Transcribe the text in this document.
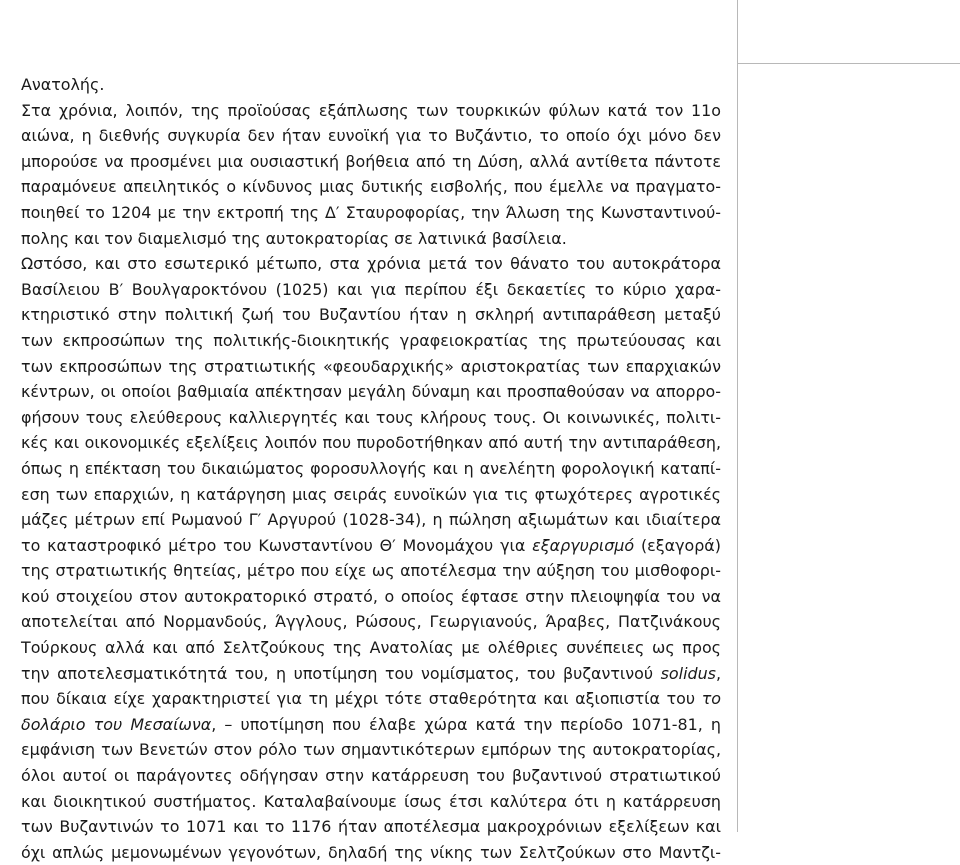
Ανατολής.
Στα χρόνια, λοιπόν, της προϊούσας εξάπλωσης των τουρκικών φύλων κατά τον 11ο
αιώνα, η διεθνής συγκυρία δεν ήταν ευνοϊκή για το Βυζάντιο, το οποίο όχι μόνο δεν
μπορούσε να προσμένει μια ουσιαστική βοήθεια από τη Δύση, αλλά αντίθετα πάντοτε
παραμόνευε απειλητικός ο κίνδυνος μιας δυτικής εισβολής, που έμελλε να πραγματο-
ποιηθεί το 1204 με την εκτροπή της Δ′ Σταυροφορίας, την Άλωση της Κωνσταντινού-
πολης και τον διαμελισμό της αυτοκρατορίας σε λατινικά βασίλεια.
Ωστόσο, και στο εσωτερικό μέτωπο, στα χρόνια μετά τον θάνατο του αυτοκράτορα
Βασίλειου Β′ Βουλγαροκτόνου (1025) και για περίπου έξι δεκαετίες το κύριο χαρα-
κτηριστικό στην πολιτική ζωή του Βυζαντίου ήταν η σκληρή αντιπαράθεση μεταξύ
των εκπροσώπων της πολιτικής-διοικητικής γραφειοκρατίας της πρωτεύουσας και
των εκπροσώπων της στρατιωτικής «φεουδαρχικής» αριστοκρατίας των επαρχιακών
κέντρων, οι οποίοι βαθμιαία απέκτησαν μεγάλη δύναμη και προσπαθούσαν να απορρο-
φήσουν τους ελεύθερους καλλιεργητές και τους κλήρους τους. Οι κοινωνικές, πολιτι-
κές και οικονομικές εξελίξεις λοιπόν που πυροδοτήθηκαν από αυτή την αντιπαράθεση,
όπως η επέκταση του δικαιώματος φοροσυλλογής και η ανελέητη φορολογική καταπί-
εση των επαρχιών, η κατάργηση μιας σειράς ευνοϊκών για τις φτωχότερες αγροτικές
μάζες μέτρων επί Ρωμανού Γ′ Αργυρού (1028-34), η πώληση αξιωμάτων και ιδιαίτερα
το καταστροφικό μέτρο του Κωνσταντίνου Θ′ Μονομάχου για εξαργυρισμό (εξαγορά)
της στρατιωτικής θητείας, μέτρο που είχε ως αποτέλεσμα την αύξηση του μισθοφορι-
κού στοιχείου στον αυτοκρατορικό στρατό, ο οποίος έφτασε στην πλειοψηφία του να
αποτελείται από Νορμανδούς, Άγγλους, Ρώσους, Γεωργιανούς, Άραβες, Πατζινάκους
Τούρκους αλλά και από Σελτζούκους της Ανατολίας με ολέθριες συνέπειες ως προς
την αποτελεσματικότητά του, η υποτίμηση του νομίσματος, του βυζαντινού solidus,
που δίκαια είχε χαρακτηριστεί για τη μέχρι τότε σταθερότητα και αξιοπιστία του το
δολάριο του Μεσαίωνα, – υποτίμηση που έλαβε χώρα κατά την περίοδο 1071-81, η
εμφάνιση των Βενετών στον ρόλο των σημαντικότερων εμπόρων της αυτοκρατορίας,
όλοι αυτοί οι παράγοντες οδήγησαν στην κατάρρευση του βυζαντινού στρατιωτικού
και διοικητικού συστήματος. Καταλαβαίνουμε ίσως έτσι καλύτερα ότι η κατάρρευση
των Βυζαντινών το 1071 και το 1176 ήταν αποτέλεσμα μακροχρόνιων εξελίξεων και
όχι απλώς μεμονωμένων γεγονότων, δηλαδή της νίκης των Σελτζούκων στο Μαντζι-
